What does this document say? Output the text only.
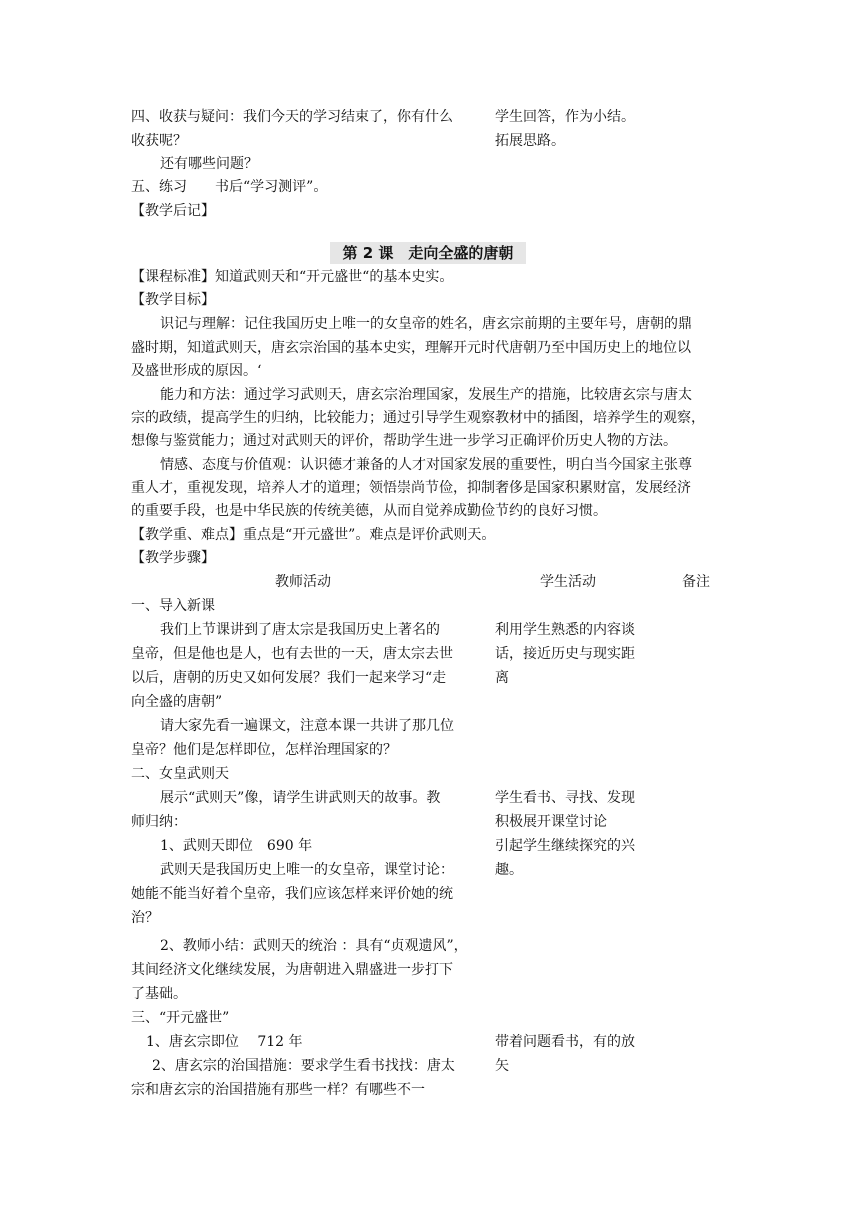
四、收获与疑问：我们今天的学习结束了，你有什么
收获呢？
还有哪些问题？
五、练习　　书后“学习测评”。
【教学后记】
学生回答，作为小结。
拓展思路。
第 2 课　走向全盛的唐朝
【课程标准】知道武则天和“开元盛世“的基本史实。
【教学目标】
识记与理解：记住我国历史上唯一的女皇帝的姓名，唐玄宗前期的主要年号，唐朝的鼎
盛时期，知道武则天，唐玄宗治国的基本史实，理解开元时代唐朝乃至中国历史上的地位以
及盛世形成的原因。‘
能力和方法：通过学习武则天，唐玄宗治理国家，发展生产的措施，比较唐玄宗与唐太
宗的政绩，提高学生的归纳，比较能力；通过引导学生观察教材中的插图，培养学生的观察，
想像与鉴赏能力；通过对武则天的评价，帮助学生进一步学习正确评价历史人物的方法。
情感、态度与价值观：认识德才兼备的人才对国家发展的重要性，明白当今国家主张尊
重人才，重视发现，培养人才的道理；领悟崇尚节俭，抑制奢侈是国家积累财富，发展经济
的重要手段，也是中华民族的传统美德，从而自觉养成勤俭节约的良好习惯。
【教学重、难点】重点是“开元盛世”。难点是评价武则天。
【教学步骤】
教师活动	学生活动	备注
一、导入新课
我们上节课讲到了唐太宗是我国历史上著名的
皇帝，但是他也是人，也有去世的一天，唐太宗去世
以后，唐朝的历史又如何发展？我们一起来学习“走
向全盛的唐朝”
请大家先看一遍课文，注意本课一共讲了那几位
皇帝？他们是怎样即位，怎样治理国家的？
二、女皇武则天
展示“武则天”像，请学生讲武则天的故事。教
师归纳：
1、武则天即位　690 年
武则天是我国历史上唯一的女皇帝，课堂讨论：
她能不能当好着个皇帝，我们应该怎样来评价她的统
治？
2、教师小结：武则天的统治 ：具有“贞观遗风”，
其间经济文化继续发展，为唐朝进入鼎盛进一步打下
了基础。
三、“开元盛世”
1、唐玄宗即位　 712 年
2、唐玄宗的治国措施：要求学生看书找找：唐太
宗和唐玄宗的治国措施有那些一样？有哪些不一
利用学生熟悉的内容谈
话，接近历史与现实距
离
学生看书、寻找、发现
积极展开课堂讨论
引起学生继续探究的兴
趣。
带着问题看书，有的放
矢
